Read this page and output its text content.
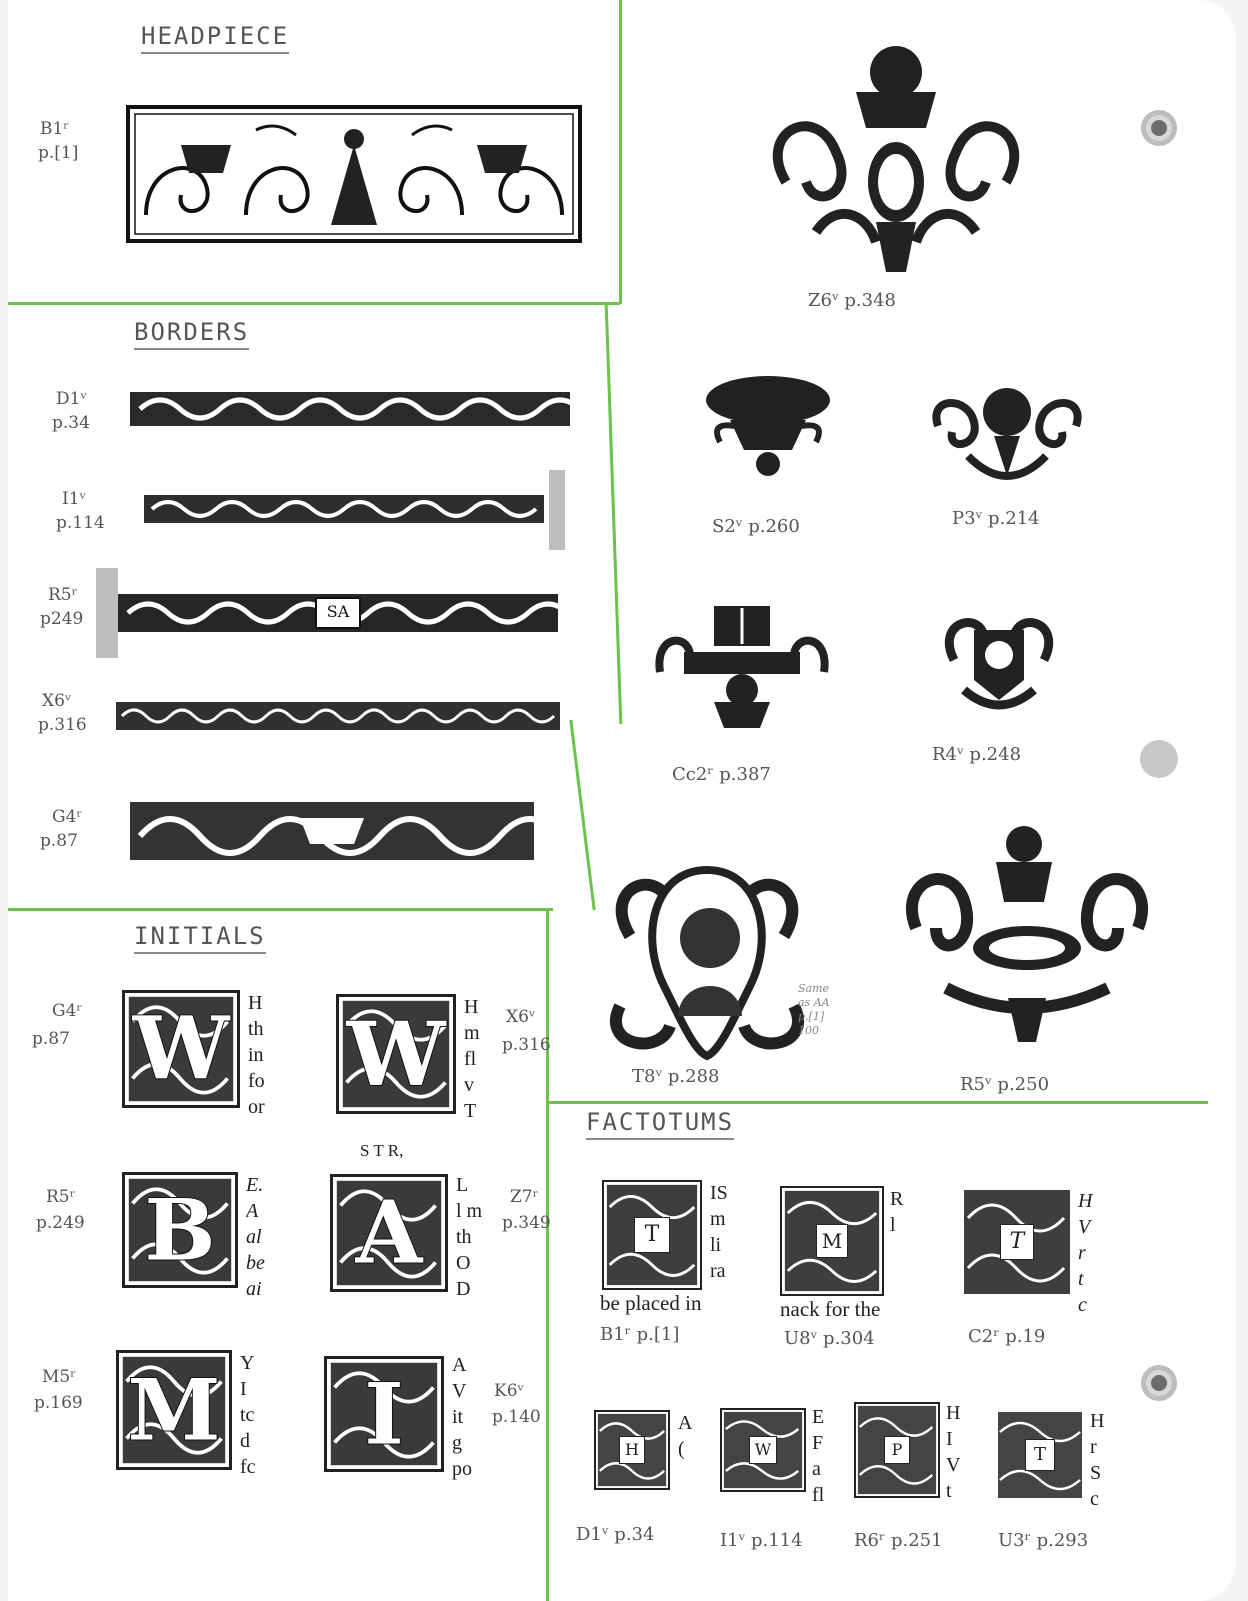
HEADPIECE
BORDERS
INITIALS
FACTOTUMS
B1ʳ
p.[1]
D1ᵛ
p.34
I1ᵛ
p.114
R5ʳ
p249	SA
X6ᵛ
p.316
G4ʳ
p.87
Z6ᵛ p.348
S2ᵛ p.260	P3ᵛ p.214
Cc2ʳ p.387
R4ᵛ p.248
T8ᵛ p.288
Same
as AA
p.[1]
100
R5ᵛ p.250
G4ʳ
p.87 W H
th
in
fo
or
X6ᵛ
p.316
W H
m
fl
v
T
S T R,
R5ʳ
p.249 B	E.
A
al
be
ai
Z7ʳ
p.349
A	L
l m
th
O
D
M5ʳ
p.169 M Y
I
tc
d
fc
K6ᵛ
p.140
I	A
V
it
g
po
T
IS
m
li
ra
be placed in
B1ʳ p.[1]
M
R
l

nack for the
U8ᵛ p.304
T
H
V
r
t
c
C2ʳ p.19
H
A
(

D1ᵛ p.34
W
E
F
a
fl
I1ᵛ p.114
P
H
I
V
t
R6ʳ p.251
T
H
r
S
c
U3ʳ p.293
